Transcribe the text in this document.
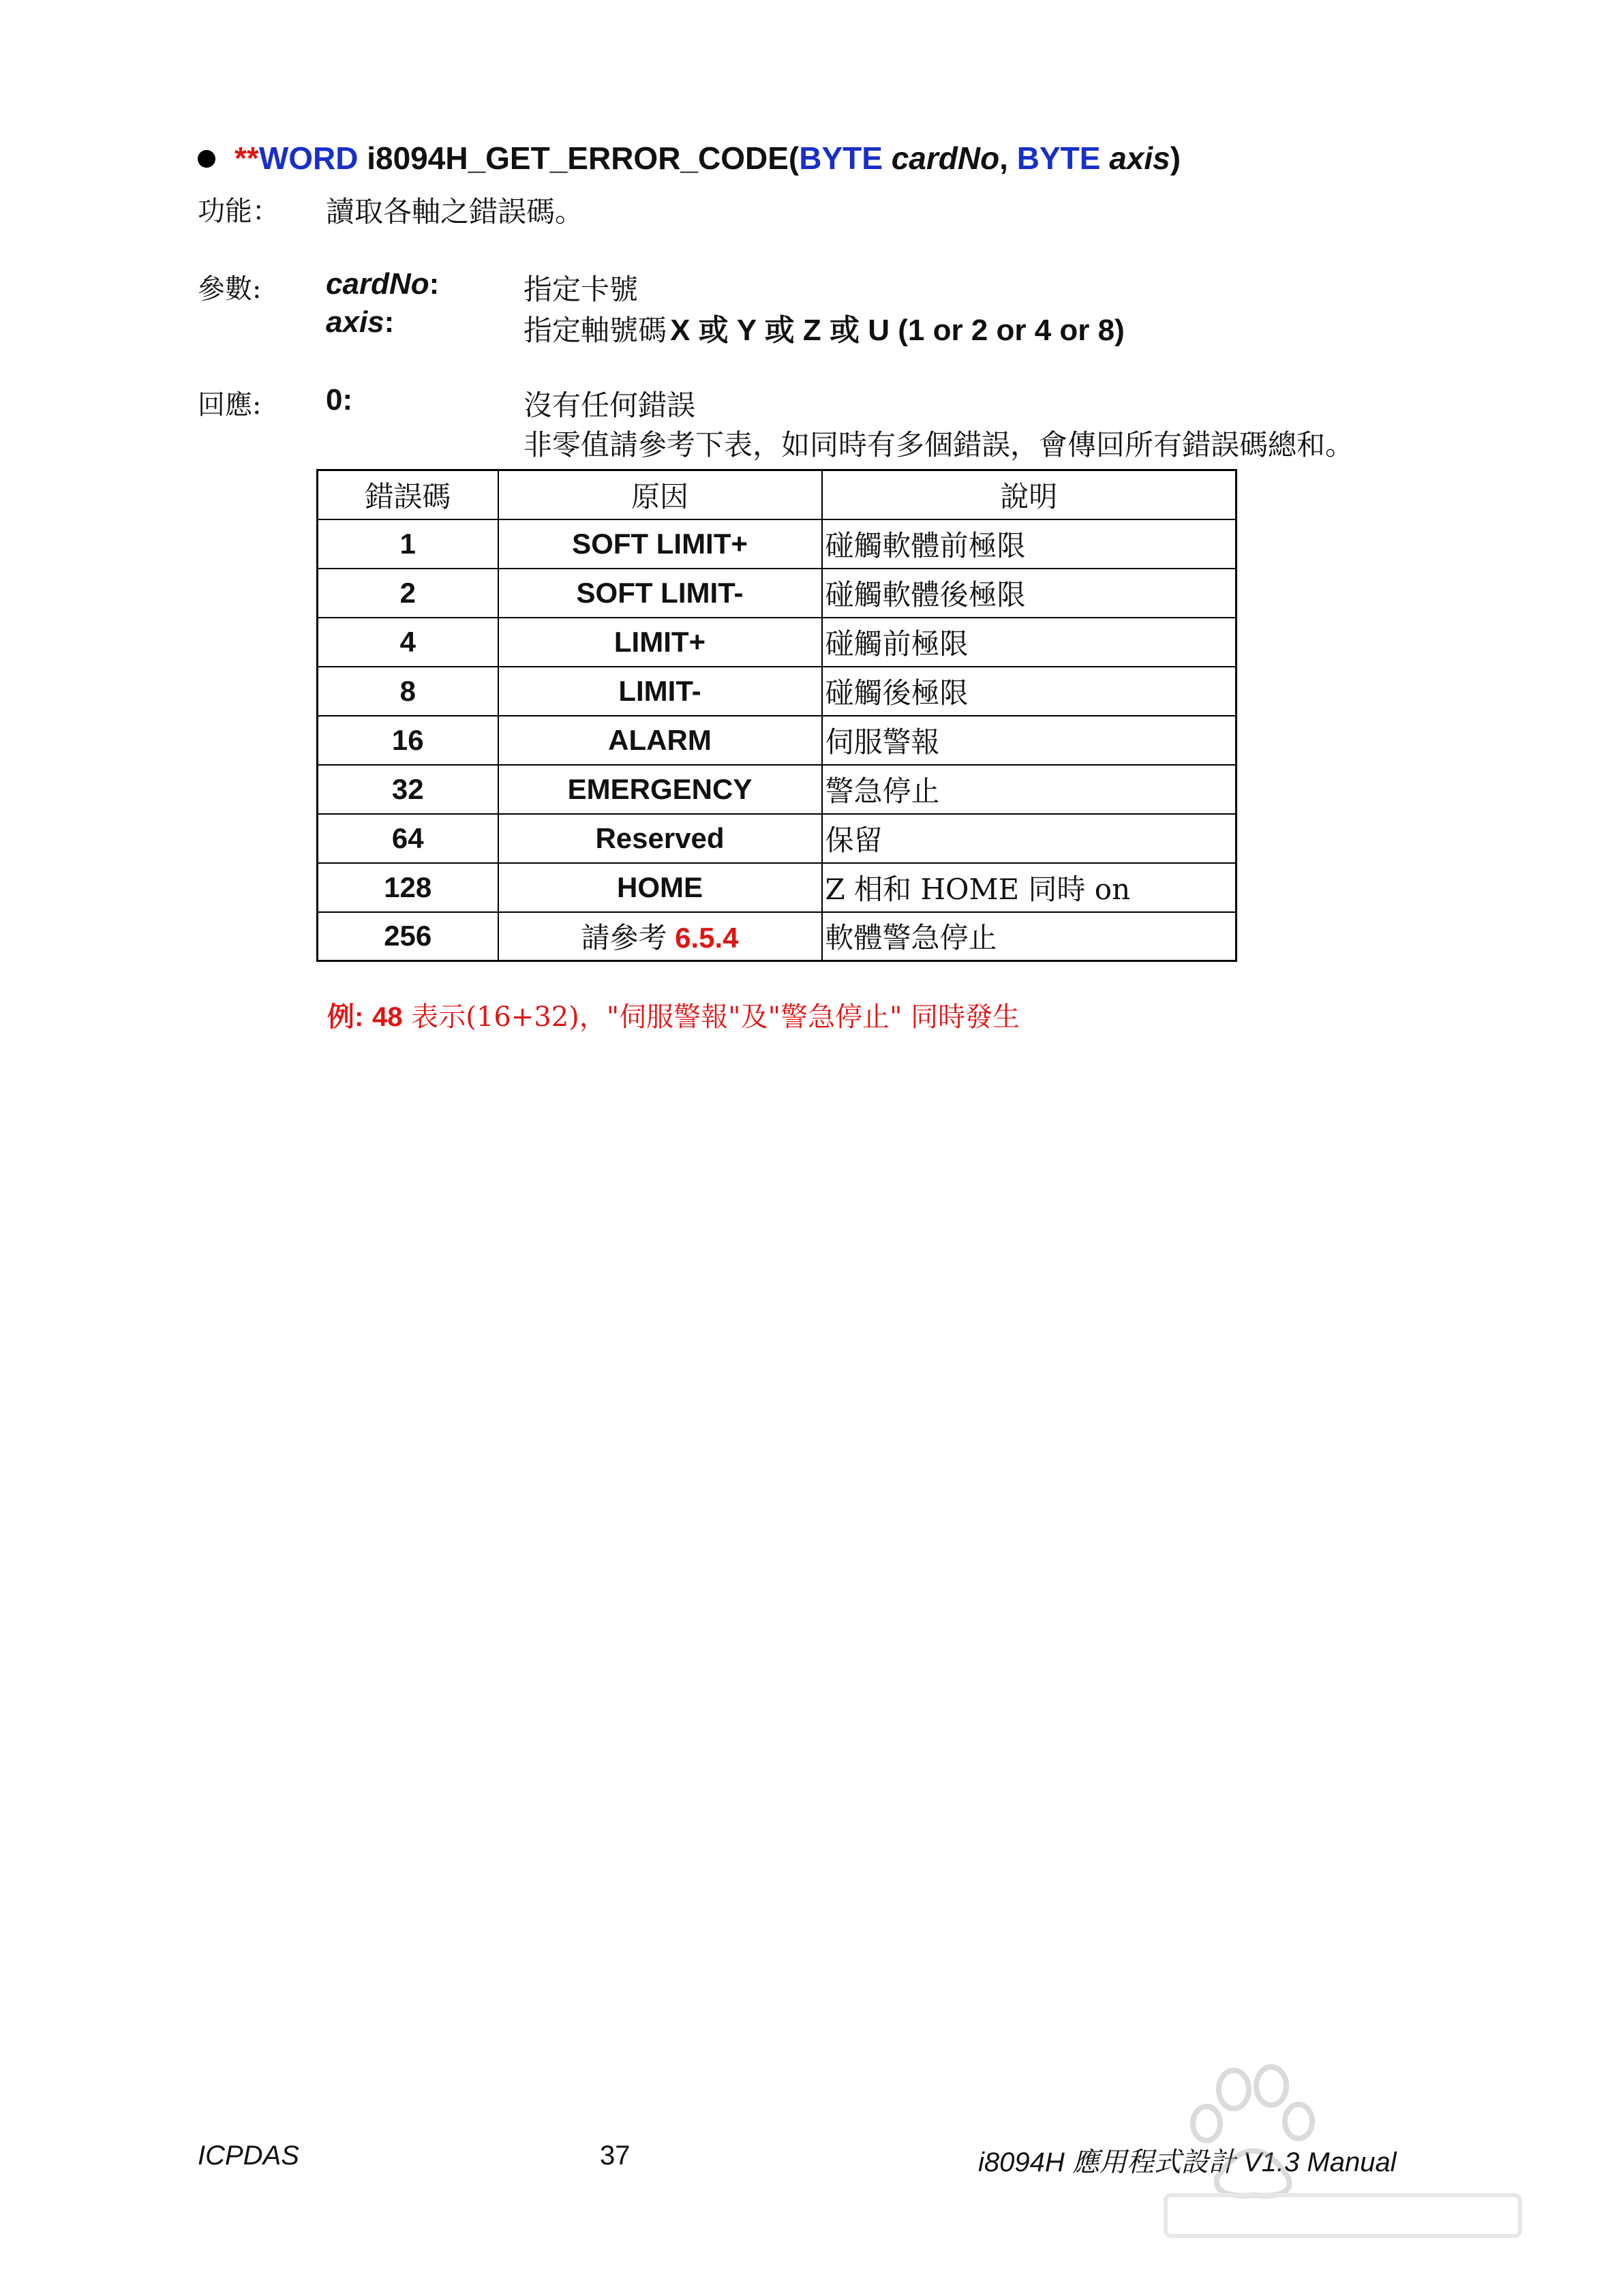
**WORD i8094H_GET_ERROR_CODE(BYTE cardNo, BYTE axis)
功能： 讀取各軸之錯誤碼。
參數: cardNo:	指定卡號
axis:	指定軸號碼 X 或 Y 或 Z 或 U (1 or 2 or 4 or 8)
回應: 0:	沒有任何錯誤
非零值請參考下表，如同時有多個錯誤，會傳回所有錯誤碼總和。
錯誤碼	原因	說明
1	SOFT LIMIT+	碰觸軟體前極限
2	SOFT LIMIT-	碰觸軟體後極限
4	LIMIT+	碰觸前極限
8	LIMIT-	碰觸後極限
16	ALARM	伺服警報
32	EMERGENCY	警急停止
64	Reserved	保留
128	HOME	Z 相和 HOME 同時 on
256	請參考 6.5.4	軟體警急停止
例: 48 表示(16+32)，"伺服警報"及"警急停止" 同時發生
ICPDAS	37	i8094H 應用程式設計 V1.3 Manual
